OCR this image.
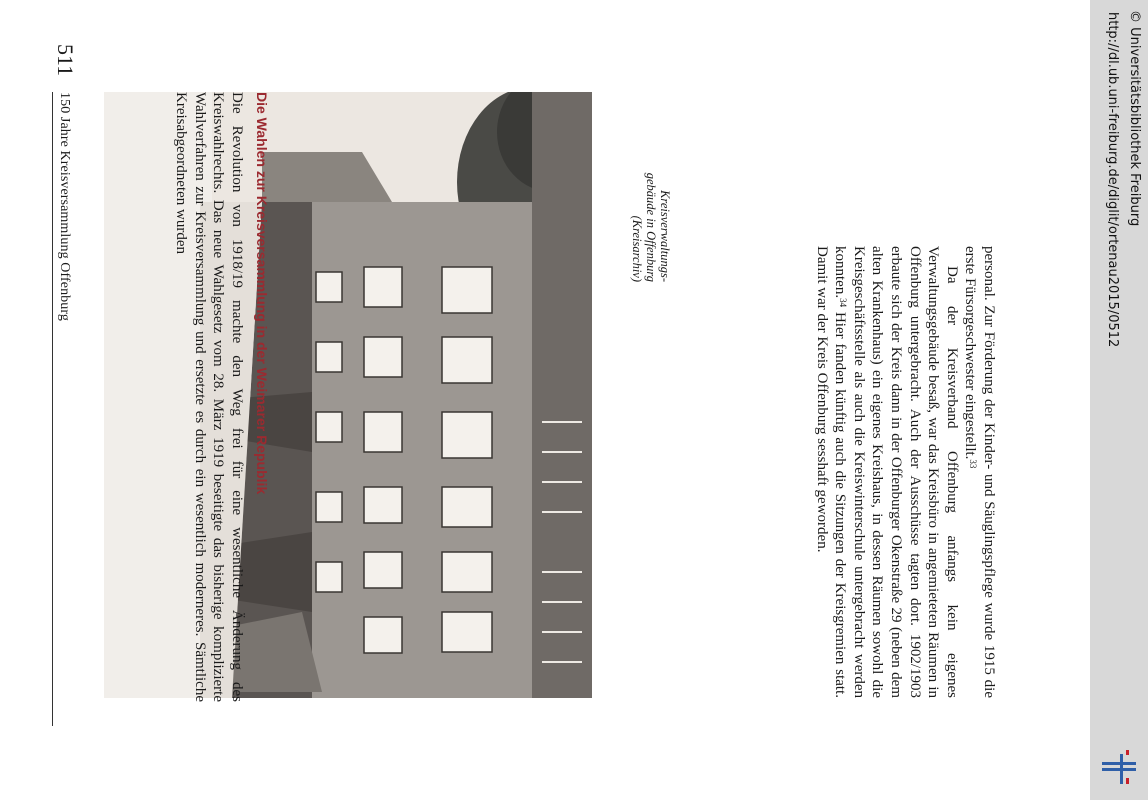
150 Jahre Kreisversammlung Offenburg
511
Kreisverwaltungs-
gebäude in Offenburg
(Kreisarchiv)	personal. Zur Förderung der Kinder- und Säuglingspflege wurde 1915 die erste Fürsorgeschwester eingestellt.$^{33}$

Da der Kreisverband Offenburg anfangs kein eigenes Verwaltungsgebäude besaß, war das Kreisbüro in angemieteten Räumen in Offenburg untergebracht. Auch der Ausschüsse tagten dort. 1902/1903 erbaute sich der Kreis dann in der Offenburger Okenstraße 29 (neben dem alten Krankenhaus) ein eigenes Kreishaus, in dessen Räumen sowohl die Kreisgeschäftsstelle als auch die Kreiswinterschule untergebracht werden konnten.$^{34}$ Hier fanden künftig auch die Sitzungen der Kreisgremien statt. Damit war der Kreis Offenburg sesshaft geworden.

Die Wahlen zur Kreisversammlung in der Weimarer Republik

Die Revolution von 1918/19 machte den Weg frei für eine wesentliche Änderung des Kreiswahlrechts. Das neue Wahlgesetz vom 28. März 1919 beseitigte das bisherige komplizierte Wahlverfahren zur Kreisversammlung und ersetzte es durch ein wesentlich moderneres. Sämtliche Kreisabgeordneten wurden	© Universitätsbibliothek Freiburg
http://dl.ub.uni-freiburg.de/diglit/ortenau2015/0512
